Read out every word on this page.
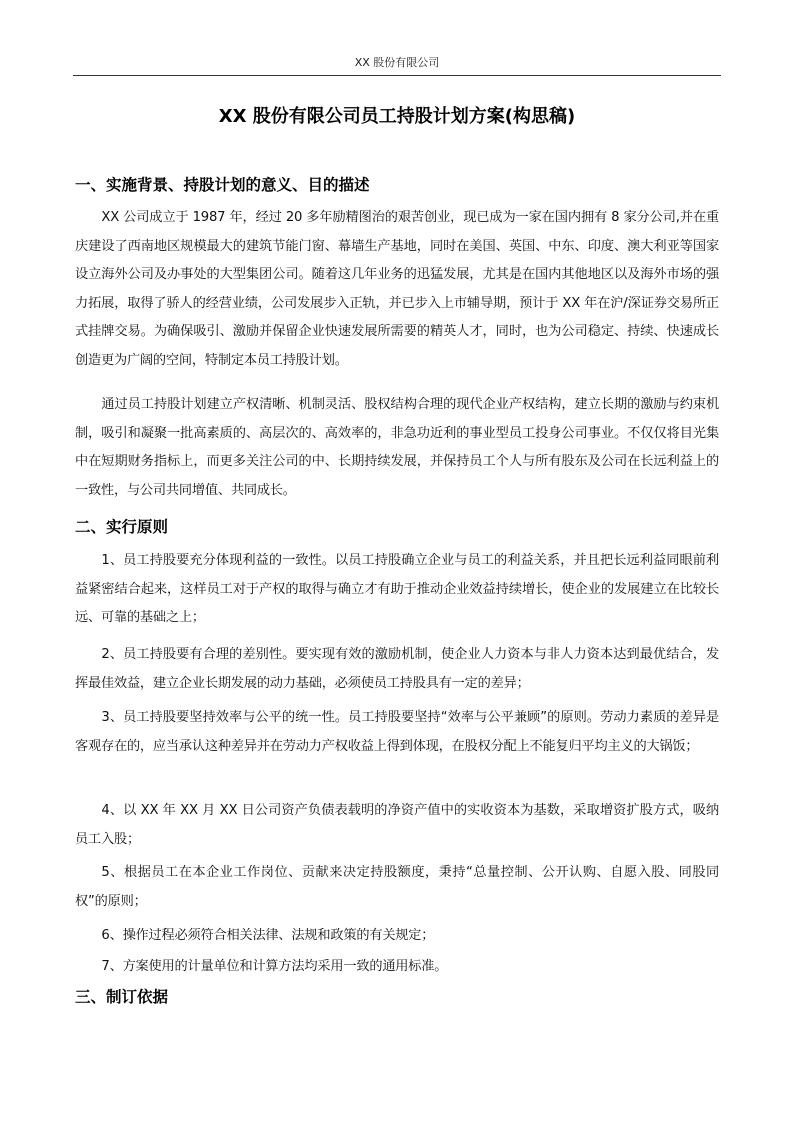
XX 股份有限公司
XX 股份有限公司员工持股计划方案(构思稿)
一、实施背景、持股计划的意义、目的描述

XX 公司成立于 1987 年，经过 20 多年励精图治的艰苦创业，现已成为一家在国内拥有 8 家分公司,并在重庆建设了西南地区规模最大的建筑节能门窗、幕墙生产基地，同时在美国、英国、中东、印度、澳大利亚等国家设立海外公司及办事处的大型集团公司。随着这几年业务的迅猛发展，尤其是在国内其他地区以及海外市场的强力拓展，取得了骄人的经营业绩，公司发展步入正轨，并已步入上市辅导期，预计于 XX 年在沪/深证券交易所正式挂牌交易。为确保吸引、激励并保留企业快速发展所需要的精英人才，同时，也为公司稳定、持续、快速成长创造更为广阔的空间，特制定本员工持股计划。

通过员工持股计划建立产权清晰、机制灵活、股权结构合理的现代企业产权结构，建立长期的激励与约束机制，吸引和凝聚一批高素质的、高层次的、高效率的，非急功近利的事业型员工投身公司事业。不仅仅将目光集中在短期财务指标上，而更多关注公司的中、长期持续发展，并保持员工个人与所有股东及公司在长远利益上的一致性，与公司共同增值、共同成长。

二、实行原则

1、员工持股要充分体现利益的一致性。以员工持股确立企业与员工的利益关系，并且把长远利益同眼前利益紧密结合起来，这样员工对于产权的取得与确立才有助于推动企业效益持续增长，使企业的发展建立在比较长远、可靠的基础之上；

2、员工持股要有合理的差别性。要实现有效的激励机制，使企业人力资本与非人力资本达到最优结合，发挥最佳效益，建立企业长期发展的动力基础，必须使员工持股具有一定的差异；

3、员工持股要坚持效率与公平的统一性。员工持股要坚持“效率与公平兼顾”的原则。劳动力素质的差异是客观存在的，应当承认这种差异并在劳动力产权收益上得到体现，在股权分配上不能复归平均主义的大锅饭；

4、以 XX 年 XX 月 XX 日公司资产负债表载明的净资产值中的实收资本为基数，采取增资扩股方式，吸纳员工入股；

5、根据员工在本企业工作岗位、贡献来决定持股额度，秉持“总量控制、公开认购、自愿入股、同股同权”的原则；

6、操作过程必须符合相关法律、法规和政策的有关规定；

7、方案使用的计量单位和计算方法均采用一致的通用标准。

三、制订依据
